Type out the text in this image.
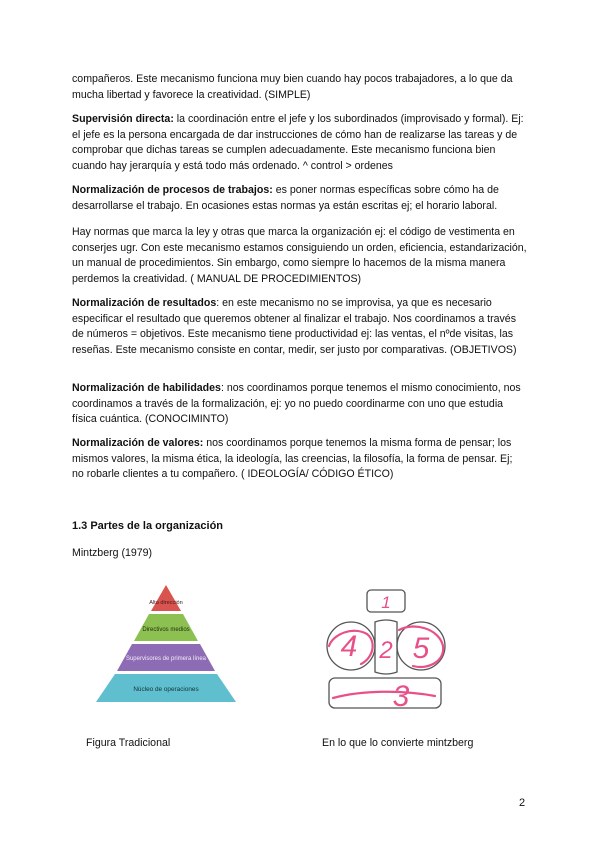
compañeros. Este mecanismo funciona muy bien cuando hay pocos trabajadores, a lo que da mucha libertad y favorece la creatividad. (SIMPLE)

Supervisión directa: la coordinación entre el jefe y los subordinados (improvisado y formal). Ej: el jefe es la persona encargada de dar instrucciones de cómo han de realizarse las tareas y de comprobar que dichas tareas se cumplen adecuadamente. Este mecanismo funciona bien cuando hay jerarquía y está todo más ordenado. ^ control > ordenes

Normalización de procesos de trabajos: es poner normas específicas sobre cómo ha de desarrollarse el trabajo. En ocasiones estas normas ya están escritas ej; el horario laboral.

Hay normas que marca la ley y otras que marca la organización ej: el código de vestimenta en conserjes ugr. Con este mecanismo estamos consiguiendo un orden, eficiencia, estandarización, un manual de procedimientos. Sin embargo, como siempre lo hacemos de la misma manera perdemos la creatividad. ( MANUAL DE PROCEDIMIENTOS)

Normalización de resultados: en este mecanismo no se improvisa, ya que es necesario especificar el resultado que queremos obtener al finalizar el trabajo. Nos coordinamos a través de números = objetivos. Este mecanismo tiene productividad ej: las ventas, el nºde visitas, las reseñas. Este mecanismo consiste en contar, medir, ser justo por comparativas. (OBJETIVOS)

Normalización de habilidades: nos coordinamos porque tenemos el mismo conocimiento, nos coordinamos a través de la formalización, ej: yo no puedo coordinarme con uno que estudia física cuántica. (CONOCIMINTO)

Normalización de valores: nos coordinamos porque tenemos la misma forma de pensar; los mismos valores, la misma ética, la ideología, las creencias, la filosofía, la forma de pensar. Ej; no robarle clientes a tu compañero. ( IDEOLOGÍA/ CÓDIGO ÉTICO)

1.3 Partes de la organización
Mintzberg (1979)
Alta dirección
Directivos medios
Supervisores de primera línea
Núcleo de operaciones
1
4 2 5
3
Figura Tradicional	En lo que lo convierte mintzberg
2
